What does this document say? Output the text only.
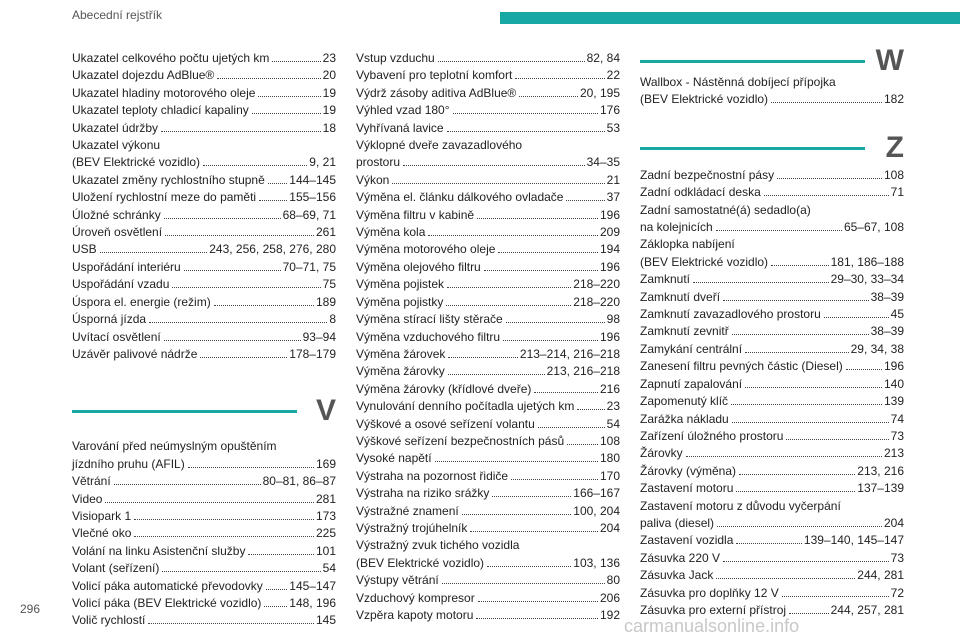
Abecední rejstřík
Ukazatel celkového počtu ujetých km	23
Ukazatel dojezdu AdBlue®	20
Ukazatel hladiny motorového oleje	19
Ukazatel teploty chladicí kapaliny	19
Ukazatel údržby	18
Ukazatel výkonu
(BEV Elektrické vozidlo)	9, 21
Ukazatel změny rychlostního stupně 144–145
Uložení rychlostní meze do paměti	155–156
Úložné schránky	68–69, 71
Úroveň osvětlení	261
USB	243, 256, 258, 276, 280
Uspořádání interiéru	70–71, 75
Uspořádání vzadu	75
Úspora el. energie (režim)	189
Úsporná jízda	8
Uvítací osvětlení	93–94
Uzávěr palivové nádrže	178–179
V
Varování před neúmyslným opuštěním
jízdního pruhu (AFIL)	169
Větrání	80–81, 86–87
Video	281
Visiopark 1	173
Vlečné oko	225
Volání na linku Asistenční služby	101
Volant (seřízení)	54
Volicí páka automatické převodovky 145–147
Volicí páka (BEV Elektrické vozidlo) 148, 196
Volič rychlostí	145
Vstup vzduchu	82, 84
Vybavení pro teplotní komfort	22
Výdrž zásoby aditiva AdBlue®	20, 195
Výhled vzad 180°	176
Vyhřívaná lavice	53
Výklopné dveře zavazadlového
prostoru	34–35
Výkon	21
Výměna el. článku dálkového ovladače	37
Výměna filtru v kabině	196
Výměna kola	209
Výměna motorového oleje	194
Výměna olejového filtru	196
Výměna pojistek	218–220
Výměna pojistky	218–220
Výměna stírací lišty stěrače	98
Výměna vzduchového filtru	196
Výměna žárovek	213–214, 216–218
Výměna žárovky	213, 216–218
Výměna žárovky (křídlové dveře)	216
Vynulování denního počítadla ujetých km	23
Výškové a osové seřízení volantu	54
Výškové seřízení bezpečnostních pásů	108
Vysoké napětí	180
Výstraha na pozornost řidiče	170
Výstraha na riziko srážky	166–167
Výstražné znamení	100, 204
Výstražný trojúhelník	204
Výstražný zvuk tichého vozidla
(BEV Elektrické vozidlo)	103, 136
Výstupy větrání	80
Vzduchový kompresor	206
Vzpěra kapoty motoru	192
W
Wallbox - Nástěnná dobíjecí přípojka
(BEV Elektrické vozidlo)	182
Z
Zadní bezpečnostní pásy	108
Zadní odkládací deska	71
Zadní samostatné(á) sedadlo(a)
na kolejnicích	65–67, 108
Záklopka nabíjení
(BEV Elektrické vozidlo)	181, 186–188
Zamknutí	29–30, 33–34
Zamknutí dveří	38–39
Zamknutí zavazadlového prostoru	45
Zamknutí zevnitř	38–39
Zamykání centrální	29, 34, 38
Zanesení filtru pevných částic (Diesel)	196
Zapnutí zapalování	140
Zapomenutý klíč	139
Zarážka nákladu	74
Zařízení úložného prostoru	73
Žárovky	213
Žárovky (výměna)	213, 216
Zastavení motoru	137–139
Zastavení motoru z důvodu vyčerpání
paliva (diesel)	204
Zastavení vozidla	139–140, 145–147
Zásuvka 220 V	73
Zásuvka Jack	244, 281
Zásuvka pro doplňky 12 V	72
Zásuvka pro externí přístroj	244, 257, 281
296
carmanualsonline.info
